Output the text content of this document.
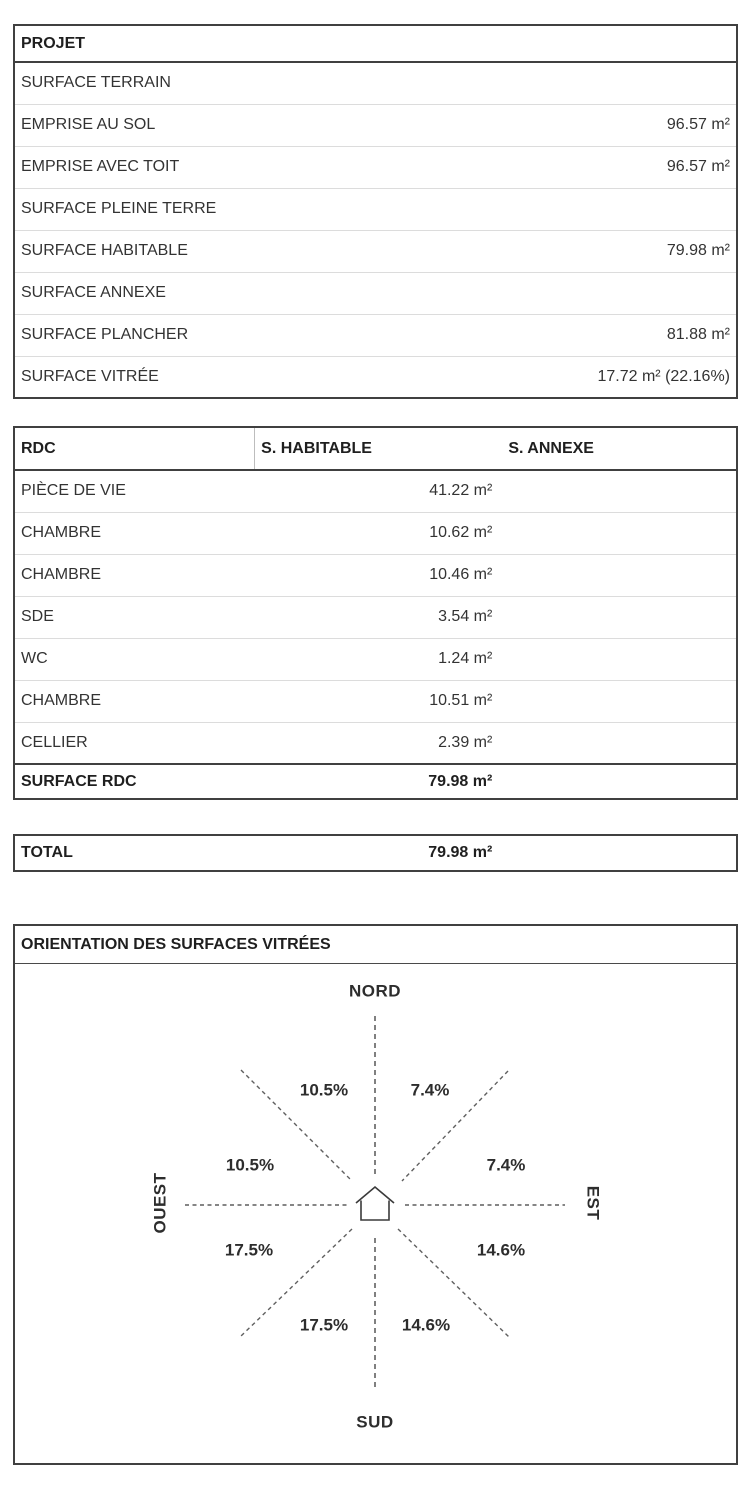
PROJET	
SURFACE TERRAIN	
EMPRISE AU SOL	96.57 m²
EMPRISE AVEC TOIT	96.57 m²
SURFACE PLEINE TERRE	
SURFACE HABITABLE	79.98 m²
SURFACE ANNEXE	
SURFACE PLANCHER	81.88 m²
SURFACE VITRÉE	17.72 m² (22.16%)
RDC	S. HABITABLE	S. ANNEXE
PIÈCE DE VIE	41.22 m²	
CHAMBRE	10.62 m²	
CHAMBRE	10.46 m²	
SDE	3.54 m²	
WC	1.24 m²	
CHAMBRE	10.51 m²	
CELLIER	2.39 m²	
SURFACE RDC	79.98 m²	
TOTAL	79.98 m²	
ORIENTATION DES SURFACES VITRÉES
NORD
SUD
OUEST	EST
10.5%	7.4%
10.5%	7.4%
17.5%	14.6%
17.5%	14.6%
